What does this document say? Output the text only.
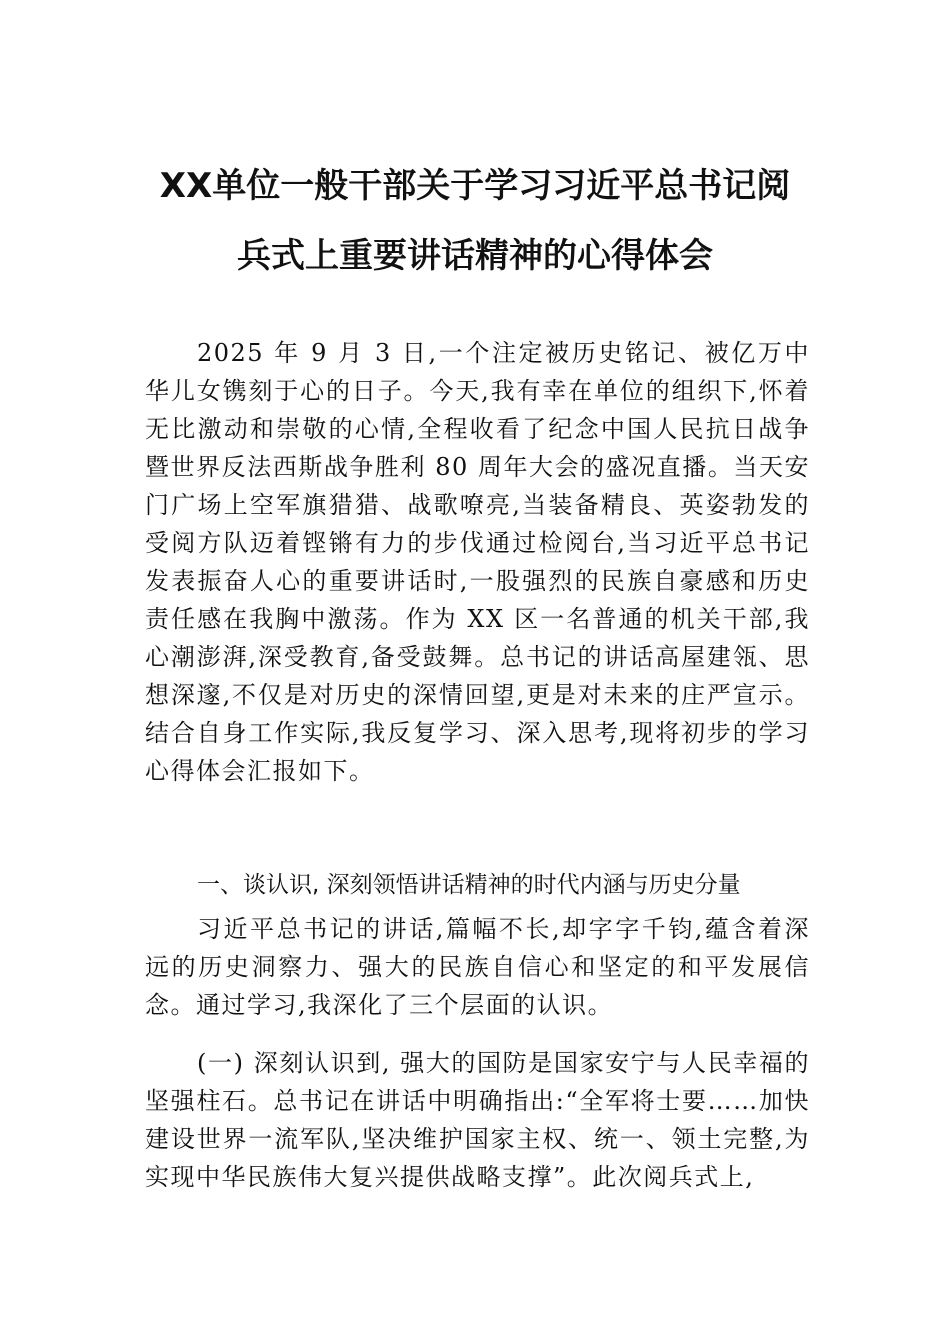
XX单位一般干部关于学习习近平总书记阅
兵式上重要讲话精神的心得体会

2025 年 9 月 3 日,一个注定被历史铭记、被亿万中华儿女镌刻于心的日子。今天,我有幸在单位的组织下,怀着无比激动和崇敬的心情,全程收看了纪念中国人民抗日战争暨世界反法西斯战争胜利 80 周年大会的盛况直播。当天安门广场上空军旗猎猎、战歌嘹亮,当装备精良、英姿勃发的受阅方队迈着铿锵有力的步伐通过检阅台,当习近平总书记发表振奋人心的重要讲话时,一股强烈的民族自豪感和历史责任感在我胸中激荡。作为 XX 区一名普通的机关干部,我心潮澎湃,深受教育,备受鼓舞。总书记的讲话高屋建瓴、思想深邃,不仅是对历史的深情回望,更是对未来的庄严宣示。结合自身工作实际,我反复学习、深入思考,现将初步的学习心得体会汇报如下。

一、谈认识, 深刻领悟讲话精神的时代内涵与历史分量

习近平总书记的讲话,篇幅不长,却字字千钧,蕴含着深远的历史洞察力、强大的民族自信心和坚定的和平发展信念。通过学习,我深化了三个层面的认识。

(一) 深刻认识到, 强大的国防是国家安宁与人民幸福的坚强柱石。总书记在讲话中明确指出:“全军将士要……加快建设世界一流军队,坚决维护国家主权、统一、领土完整,为实现中华民族伟大复兴提供战略支撑”。此次阅兵式上,
